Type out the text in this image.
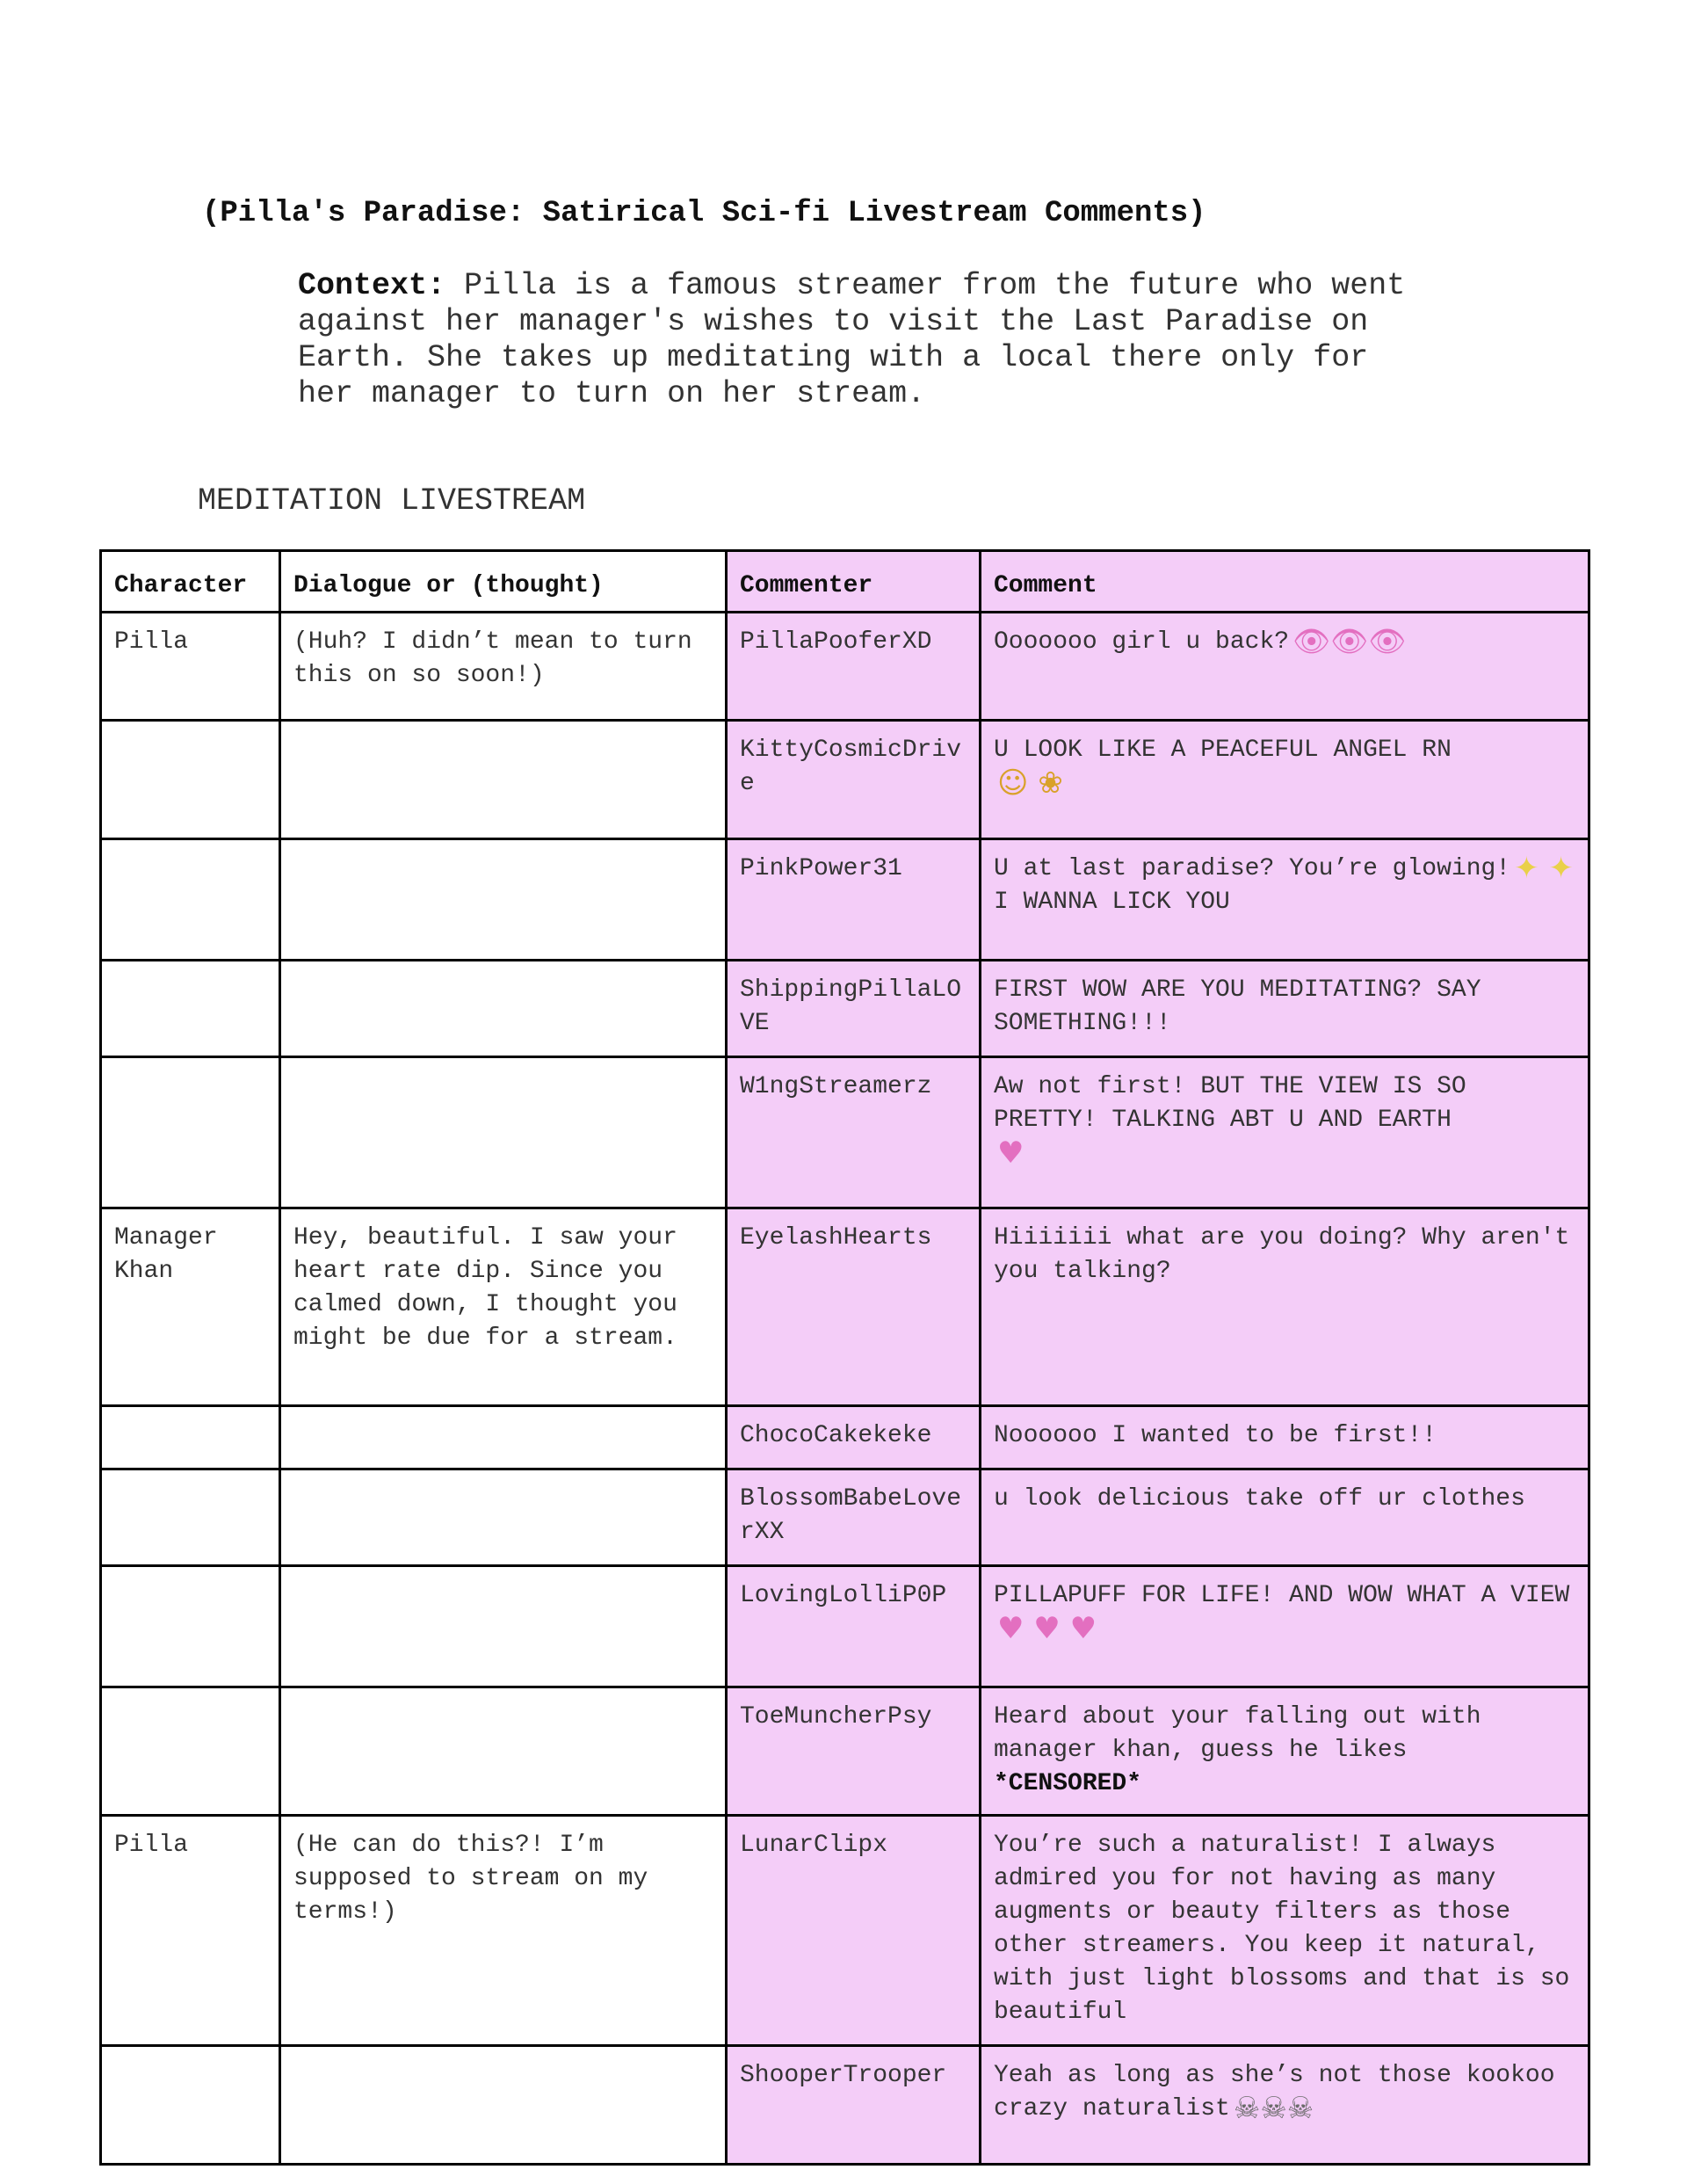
(Pilla's Paradise: Satirical Sci-fi Livestream Comments)
Context: Pilla is a famous streamer from the future who went against her manager's wishes to visit the Last Paradise on Earth. She takes up meditating with a local there only for her manager to turn on her stream.
MEDITATION LIVESTREAM
Character	Dialogue or (thought)	Commenter	Comment
Pilla	(Huh? I didn’t mean to turn this on so soon!)	PillaPooferXD	Ooooooo girl u back? 👁👁👁
		KittyCosmicDrive	U LOOK LIKE A PEACEFUL ANGEL RN
☺ ❀
		PinkPower31	U at last paradise? You’re glowing! ✦ ✦ I WANNA LICK YOU
		ShippingPillaLOVE	FIRST WOW ARE YOU MEDITATING? SAY SOMETHING!!!
		W1ngStreamerz	Aw not first! BUT THE VIEW IS SO PRETTY! TALKING ABT U AND EARTH
♥
Manager Khan	Hey, beautiful. I saw your heart rate dip. Since you calmed down, I thought you might be due for a stream.	EyelashHearts	Hiiiiiii what are you doing? Why aren't you talking?
		ChocoCakekeke	Noooooo I wanted to be first!!
		BlossomBabeLoverXX	u look delicious take off ur clothes
		LovingLolliP0P	PILLAPUFF FOR LIFE! AND WOW WHAT A VIEW♥ ♥ ♥
		ToeMuncherPsy	Heard about your falling out with manager khan, guess he likes
*CENSORED*
Pilla	(He can do this?! I’m supposed to stream on my terms!)	LunarClipx	You’re such a naturalist! I always admired you for not having as many augments or beauty filters as those other streamers. You keep it natural, with just light blossoms and that is so beautiful
		ShooperTrooper	Yeah as long as she’s not those kookoo crazy naturalist ☠☠☠
